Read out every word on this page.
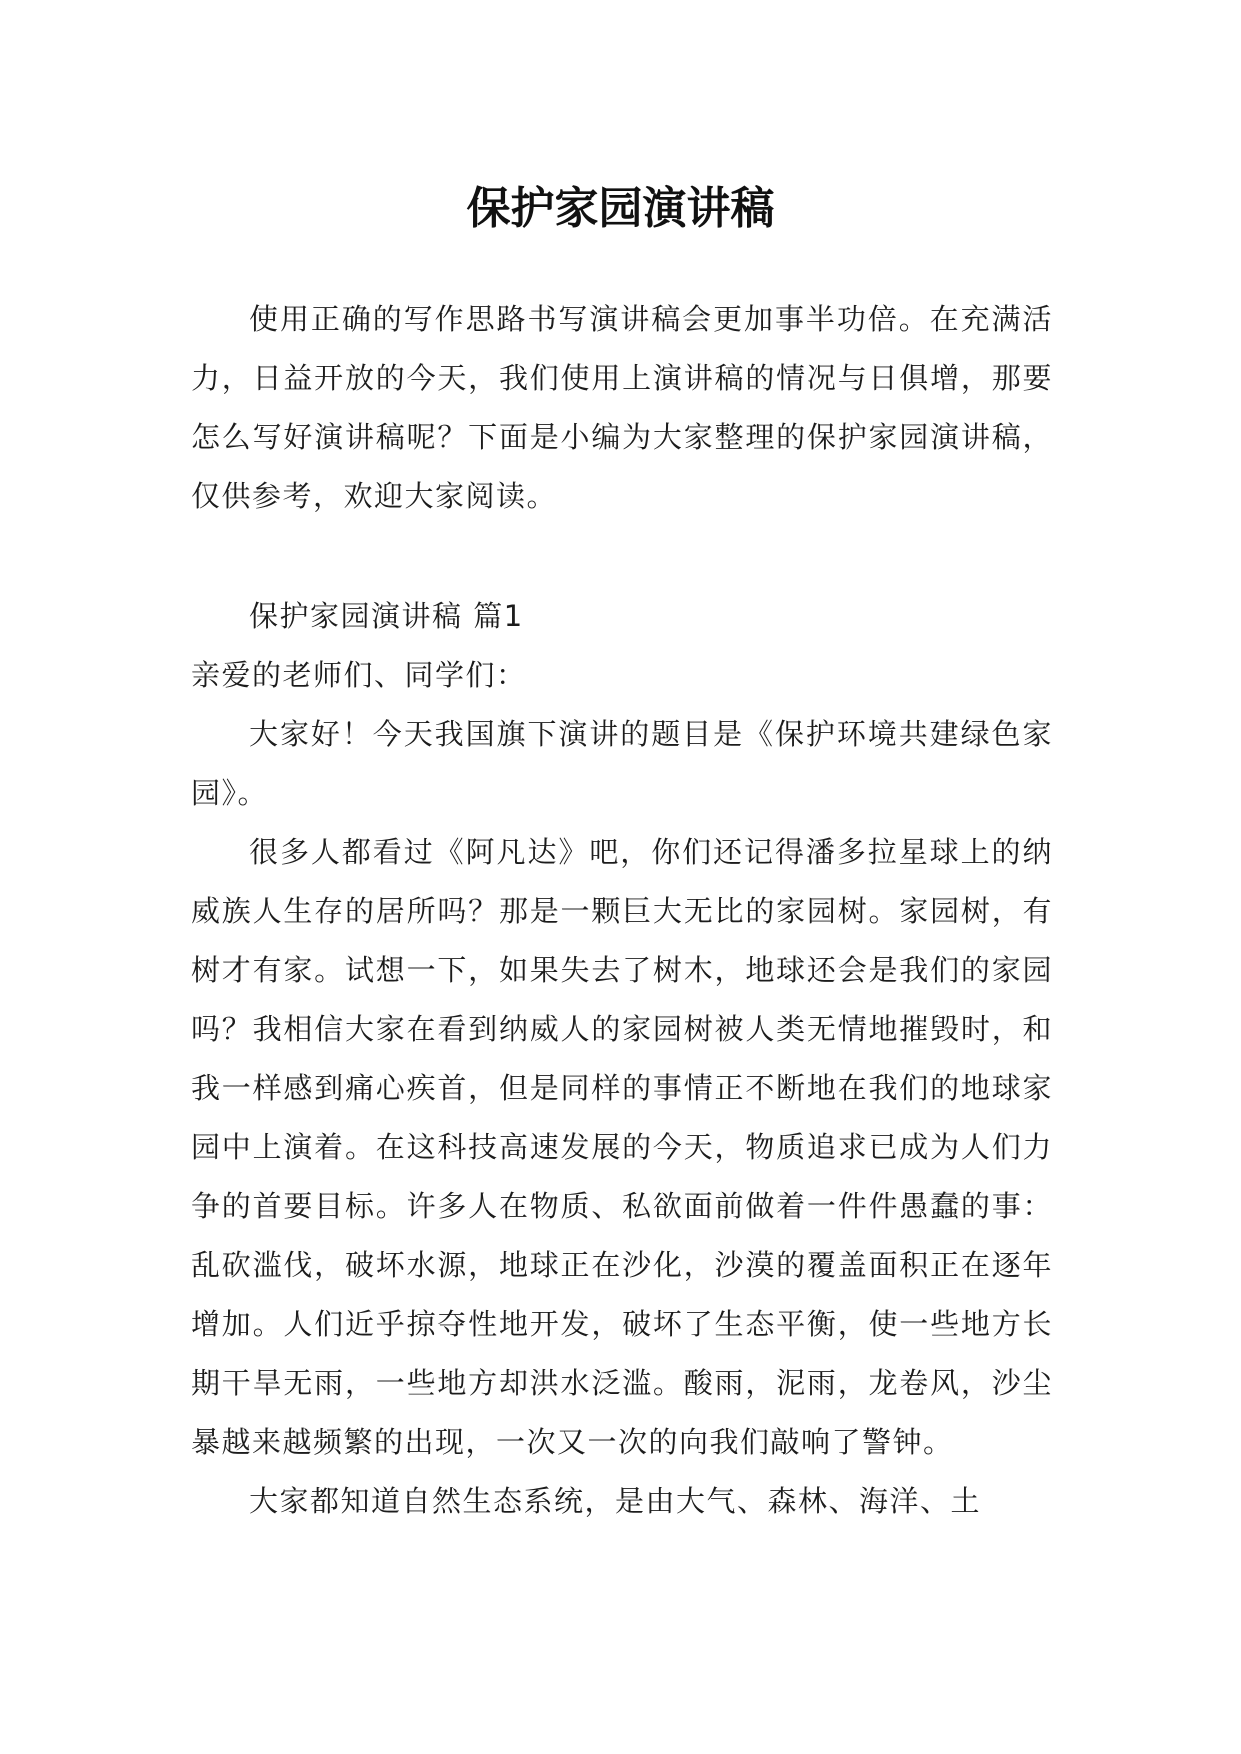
保护家园演讲稿

使用正确的写作思路书写演讲稿会更加事半功倍。在充满活力，日益开放的今天，我们使用上演讲稿的情况与日俱增，那要怎么写好演讲稿呢？下面是小编为大家整理的保护家园演讲稿，仅供参考，欢迎大家阅读。

保护家园演讲稿 篇1

亲爱的老师们、同学们：

大家好！今天我国旗下演讲的题目是《保护环境共建绿色家园》。

很多人都看过《阿凡达》吧，你们还记得潘多拉星球上的纳威族人生存的居所吗？那是一颗巨大无比的家园树。家园树，有树才有家。试想一下，如果失去了树木，地球还会是我们的家园吗？我相信大家在看到纳威人的家园树被人类无情地摧毁时，和我一样感到痛心疾首，但是同样的事情正不断地在我们的地球家园中上演着。在这科技高速发展的今天，物质追求已成为人们力争的首要目标。许多人在物质、私欲面前做着一件件愚蠢的事：乱砍滥伐，破坏水源，地球正在沙化，沙漠的覆盖面积正在逐年增加。人们近乎掠夺性地开发，破坏了生态平衡，使一些地方长期干旱无雨，一些地方却洪水泛滥。酸雨，泥雨，龙卷风，沙尘暴越来越频繁的出现，一次又一次的向我们敲响了警钟。

大家都知道自然生态系统，是由大气、森林、海洋、土
